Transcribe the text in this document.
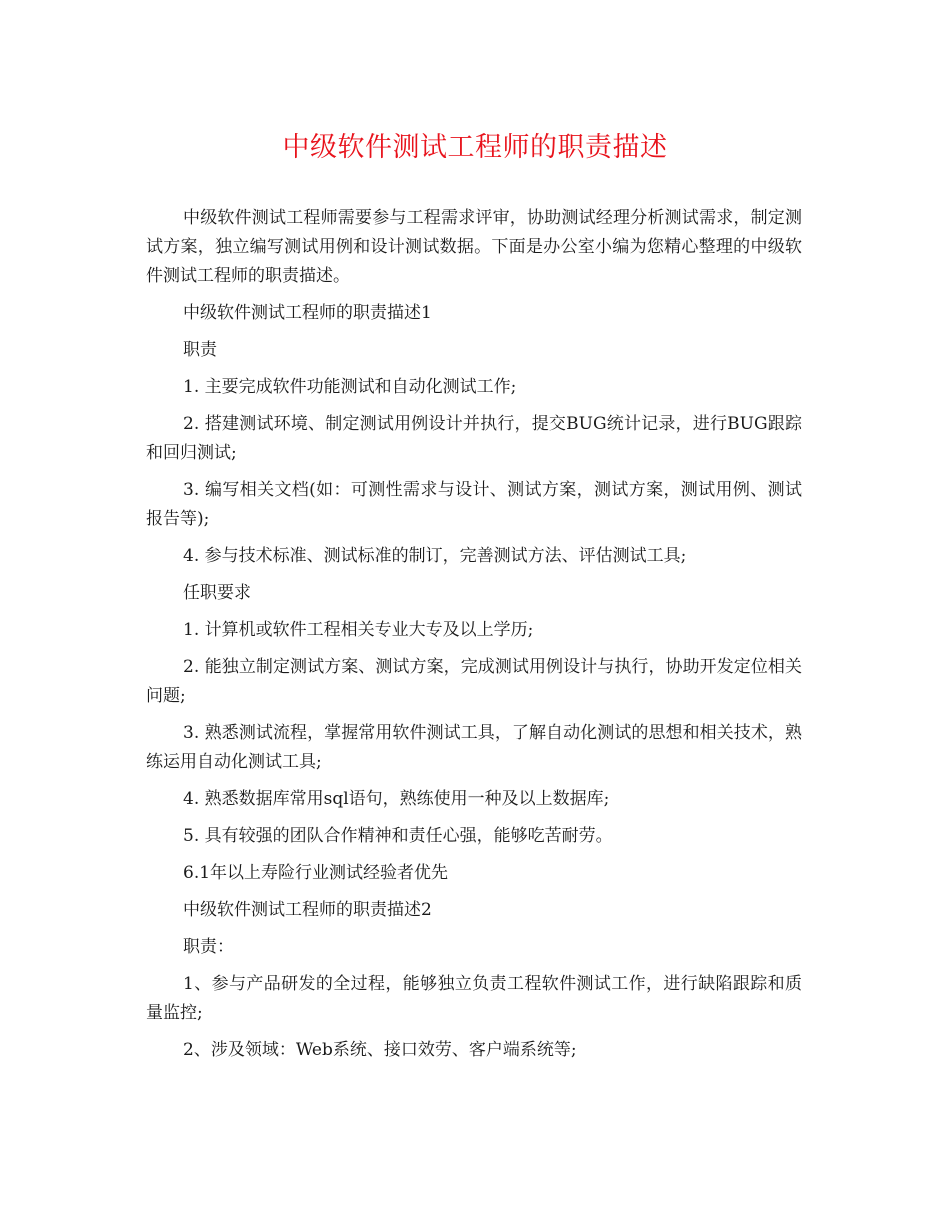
中级软件测试工程师的职责描述

中级软件测试工程师需要参与工程需求评审，协助测试经理分析测试需求，制定测试方案，独立编写测试用例和设计测试数据。下面是办公室小编为您精心整理的中级软件测试工程师的职责描述。

中级软件测试工程师的职责描述1

职责

1. 主要完成软件功能测试和自动化测试工作;

2. 搭建测试环境、制定测试用例设计并执行，提交BUG统计记录，进行BUG跟踪和回归测试;

3. 编写相关文档(如：可测性需求与设计、测试方案，测试方案，测试用例、测试报告等);

4. 参与技术标准、测试标准的制订，完善测试方法、评估测试工具;

任职要求

1. 计算机或软件工程相关专业大专及以上学历;

2. 能独立制定测试方案、测试方案，完成测试用例设计与执行，协助开发定位相关问题;

3. 熟悉测试流程，掌握常用软件测试工具，了解自动化测试的思想和相关技术，熟练运用自动化测试工具;

4. 熟悉数据库常用sql语句，熟练使用一种及以上数据库;

5. 具有较强的团队合作精神和责任心强，能够吃苦耐劳。

6.1年以上寿险行业测试经验者优先

中级软件测试工程师的职责描述2

职责：

1、参与产品研发的全过程，能够独立负责工程软件测试工作，进行缺陷跟踪和质量监控;

2、涉及领域：Web系统、接口效劳、客户端系统等;
